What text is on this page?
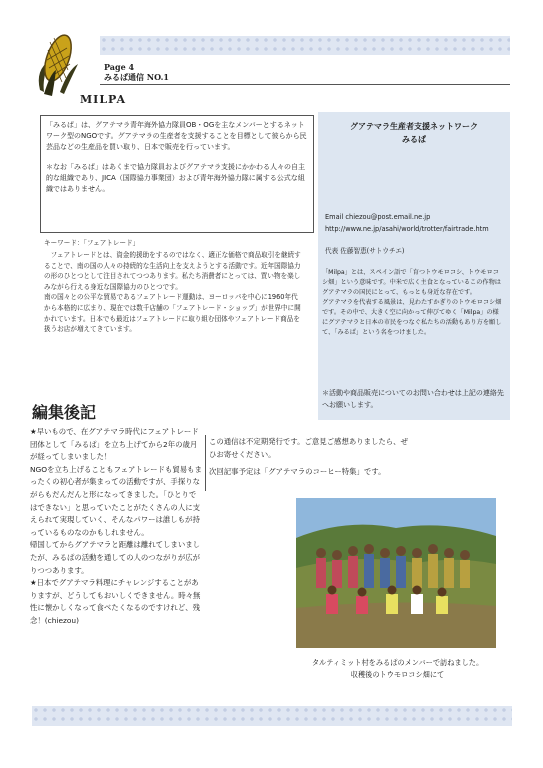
Page 4
みるぱ通信 NO.1
MILPA
「みるぱ」は、グアテマラ青年海外協力隊員OB・OGを主なメンバーとするネットワーク型のNGOです。グアテマラの生産者を支援することを目標として彼らから民芸品などの生産品を買い取り、日本で販売を行っています。
＊なお「みるぱ」はあくまで協力隊員およびグアテマラ支援にかかわる人々の自主的な組織であり、JICA（国際協力事業団）および青年海外協力隊に属する公式な組織ではありません。
キーワード：「フェアトレード」
　フェアトレードとは、資金的援助をするのではなく、適正な価格で商品取引を継続することで、南の国の人々の持続的な生活向上を支えようとする活動です。近年国際協力の形のひとつとして注目されてつつあります。私たち消費者にとっては、買い物を楽しみながら行える身近な国際協力のひとつです。
南の国々との公平な貿易であるフェアトレード運動は、ヨーロッパを中心に1960年代から本格的に広まり、現在では数千店舗の「フェアトレード・ショップ」が世界中に開かれています。日本でも最近はフェアトレードに取り組む団体やフェアトレード商品を扱うお店が増えてきています。
グアテマラ生産者支援ネットワーク
みるぱ
Email chiezou@post.email.ne.jp
http://www.ne.jp/asahi/world/trotter/fairtrade.htm
代表 佐藤智恵(サトウチエ)
「Milpa」とは、スペイン語で「育つトウモロコシ、トウモロコシ畑」という意味です。中米で広く主食となっているこの作物はグアテマラの国民にとって、もっとも身近な存在です。
グアテマラを代表する風景は、見わたすかぎりのトウモロコシ畑です。その中で、大きく空に向かって伸びてゆく「Milpa」の様にグアテマラと日本の市民をつなぐ私たちの活動もあり方を願して、「みるぱ」という名をつけました。
＊活動や商品販売についてのお問い合わせは上記の連絡先へお願いします。
編集後記
★早いもので、在グアテマラ時代にフェアトレード団体として「みるぱ」を立ち上げてから2年の歳月が経ってしまいました！
NGOを立ち上げることもフェアトレードも貿易もまったくの初心者が集まっての活動ですが、手探りながらもだんだんと形になってきました。「ひとりではできない」と思っていたことがたくさんの人に支えられて実現していく、そんなパワーは誰しもが持っているものなのかもしれません。
帰国してからグアテマラと距離は離れてしまいましたが、みるぱの活動を通しての人のつながりが広がりつつあります。
★日本でグアテマラ料理にチャレンジすることがありますが、どうしてもおいしくできません。時々無性に懐かしくなって食べたくなるのですけれど、残念！(chiezou)
この通信は不定期発行です。ご意見ご感想ありましたら、ぜひお寄せください。
次回記事予定は「グアテマラのコーヒー特集」です。
タルティミット村をみるぱのメンバーで訪ねました。
収穫後のトウモロコシ畑にて
